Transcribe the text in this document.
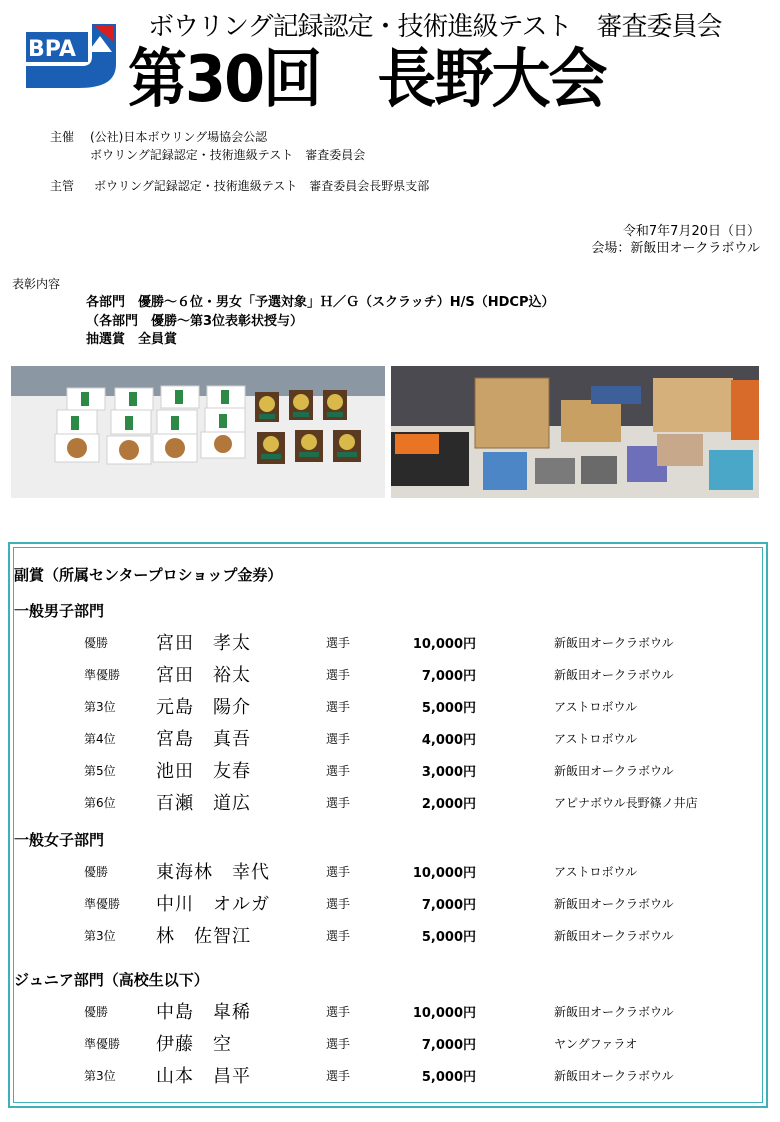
BPA
ボウリング記録認定・技術進級テスト　審査委員会
第30回　長野大会
主催 (公社)日本ボウリング場協会公認
ボウリング記録認定・技術進級テスト　審査委員会
主管 ボウリング記録認定・技術進級テスト　審査委員会長野県支部
令和7年7月20日（日）
会場：新飯田オークラボウル
表彰内容
各部門　優勝～６位・男女「予選対象」Ｈ／Ｇ（スクラッチ）H/S（HDCP込）
（各部門　優勝～第3位表彰状授与）
抽選賞　全員賞
副賞（所属センタープロショップ金券）
一般男子部門
一般女子部門
ジュニア部門（高校生以下）
優勝	宮田　孝太	選手	10,000円	新飯田オークラボウル
準優勝 宮田　裕太	選手	7,000円	新飯田オークラボウル
第3位 元島　陽介	選手	5,000円	アストロボウル
第4位 宮島　真吾	選手	4,000円	アストロボウル
第5位 池田　友春	選手	3,000円	新飯田オークラボウル
第6位 百瀬　道広	選手	2,000円	アピナボウル長野篠ノ井店
優勝	東海林　幸代	選手	10,000円	アストロボウル
準優勝 中川　オルガ	選手	7,000円	新飯田オークラボウル
第3位 林　佐智江	選手	5,000円	新飯田オークラボウル
優勝	中島　皐稀	選手	10,000円	新飯田オークラボウル
準優勝 伊藤　空	選手	7,000円	ヤングファラオ
第3位 山本　昌平	選手	5,000円	新飯田オークラボウル
